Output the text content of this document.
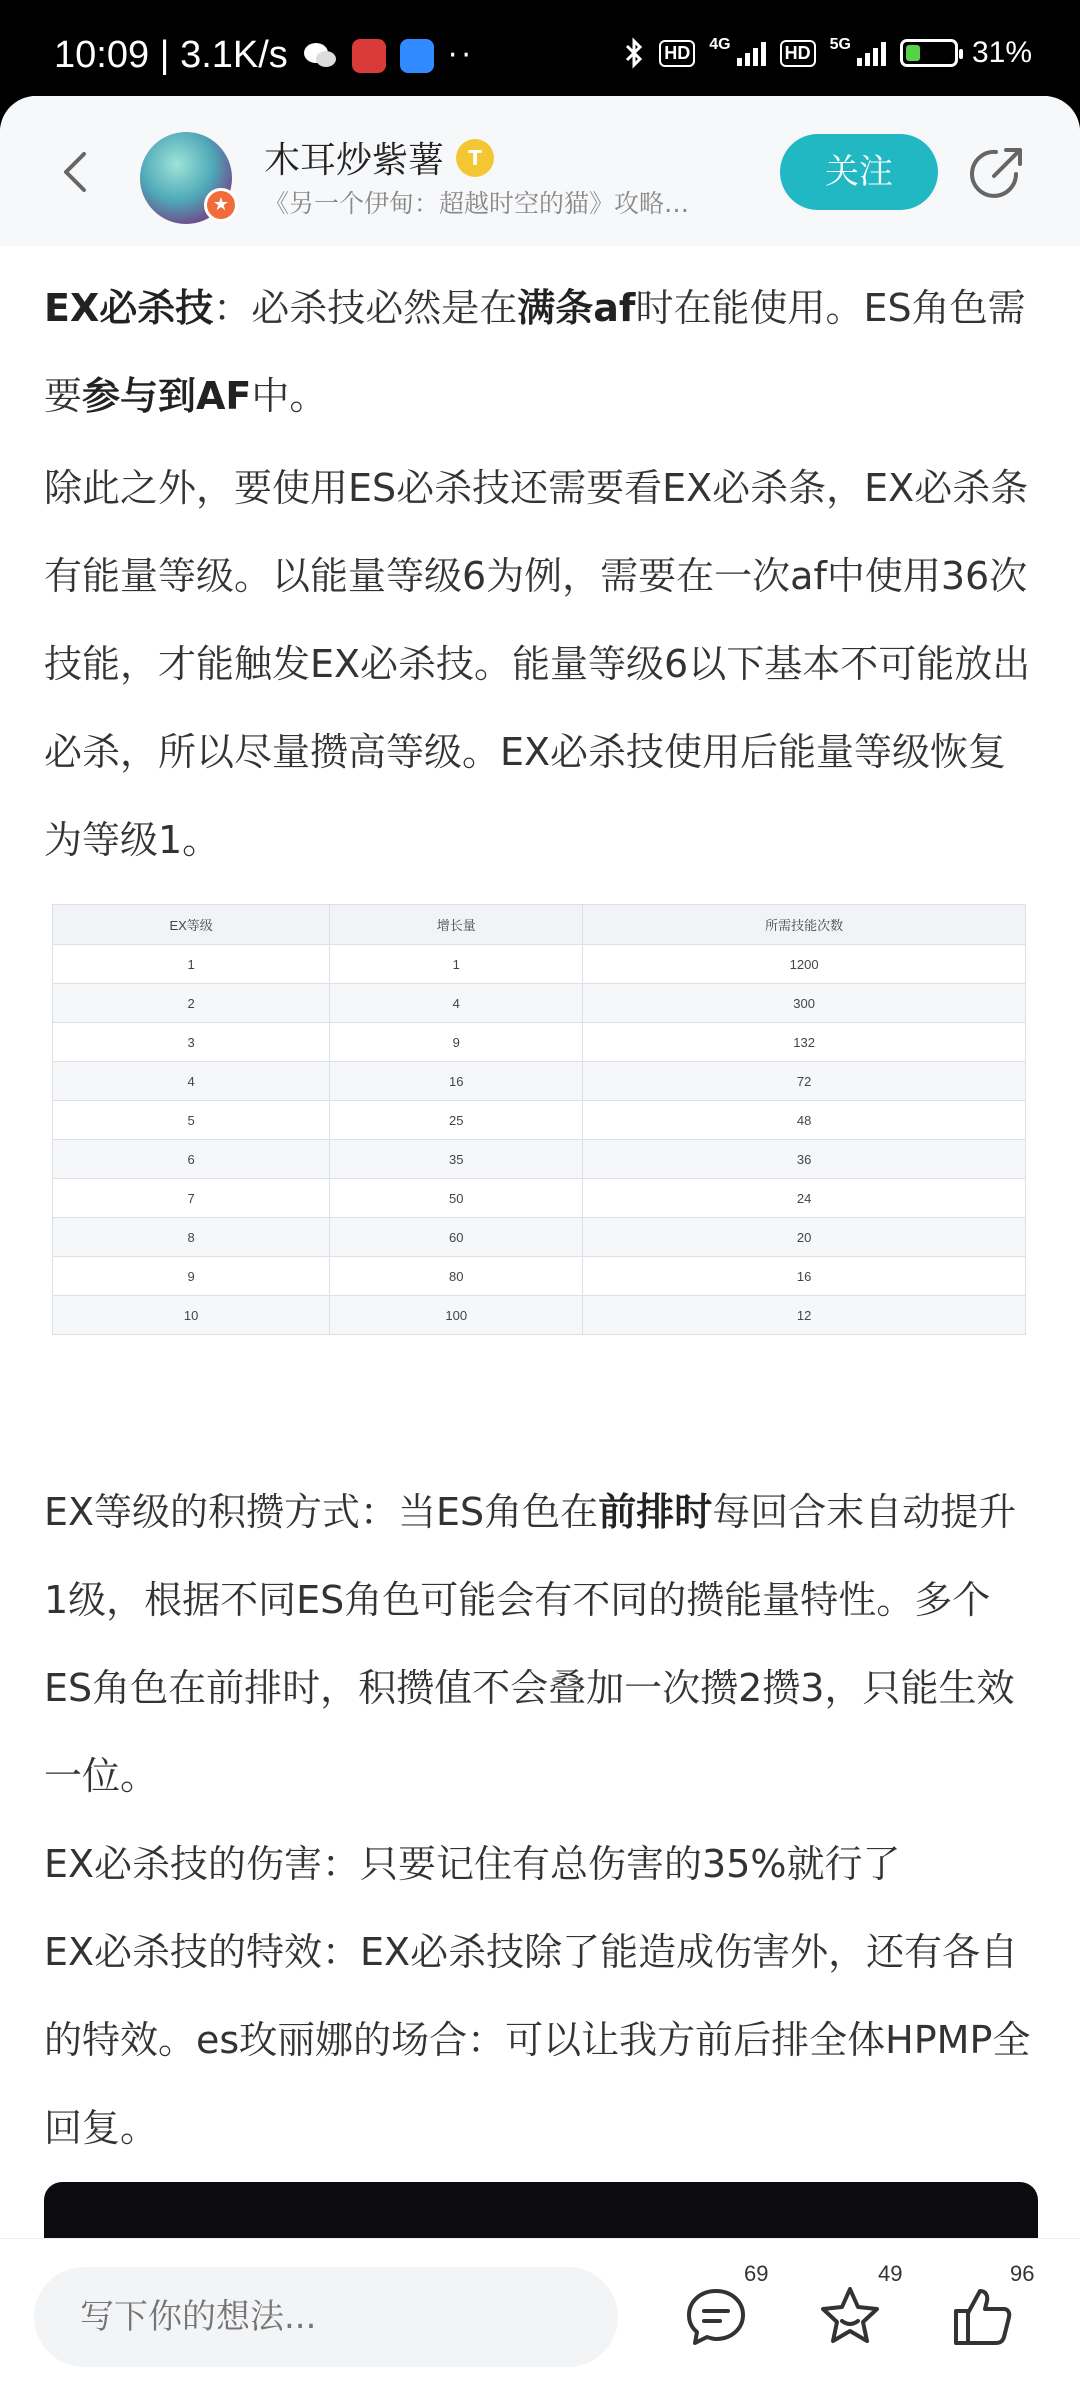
10:09 | 3.1K/s	··	HD	4G	HD	5G	31%
★
木耳炒紫薯	T
《另一个伊甸：超越时空的猫》攻略…
关注

EX必杀技：必杀技必然是在满条af时在能使用。ES角色需要参与到AF中。

除此之外，要使用ES必杀技还需要看EX必杀条，EX必杀条有能量等级。以能量等级6为例，需要在一次af中使用36次技能，才能触发EX必杀技。能量等级6以下基本不可能放出必杀，所以尽量攒高等级。EX必杀技使用后能量等级恢复为等级1。

EX等级	增长量	所需技能次数
1	1	1200
2	4	300
3	9	132
4	16	72
5	25	48
6	35	36
7	50	24
8	60	20
9	80	16
10	100	12

EX等级的积攒方式：当ES角色在前排时每回合末自动提升1级，根据不同ES角色可能会有不同的攒能量特性。多个ES角色在前排时，积攒值不会叠加一次攒2攒3，只能生效一位。

EX必杀技的伤害：只要记住有总伤害的35%就行了

EX必杀技的特效：EX必杀技除了能造成伤害外，还有各自的特效。es玫丽娜的场合：可以让我方前后排全体HPMP全回复。

写下你的想法...
69	49	96
